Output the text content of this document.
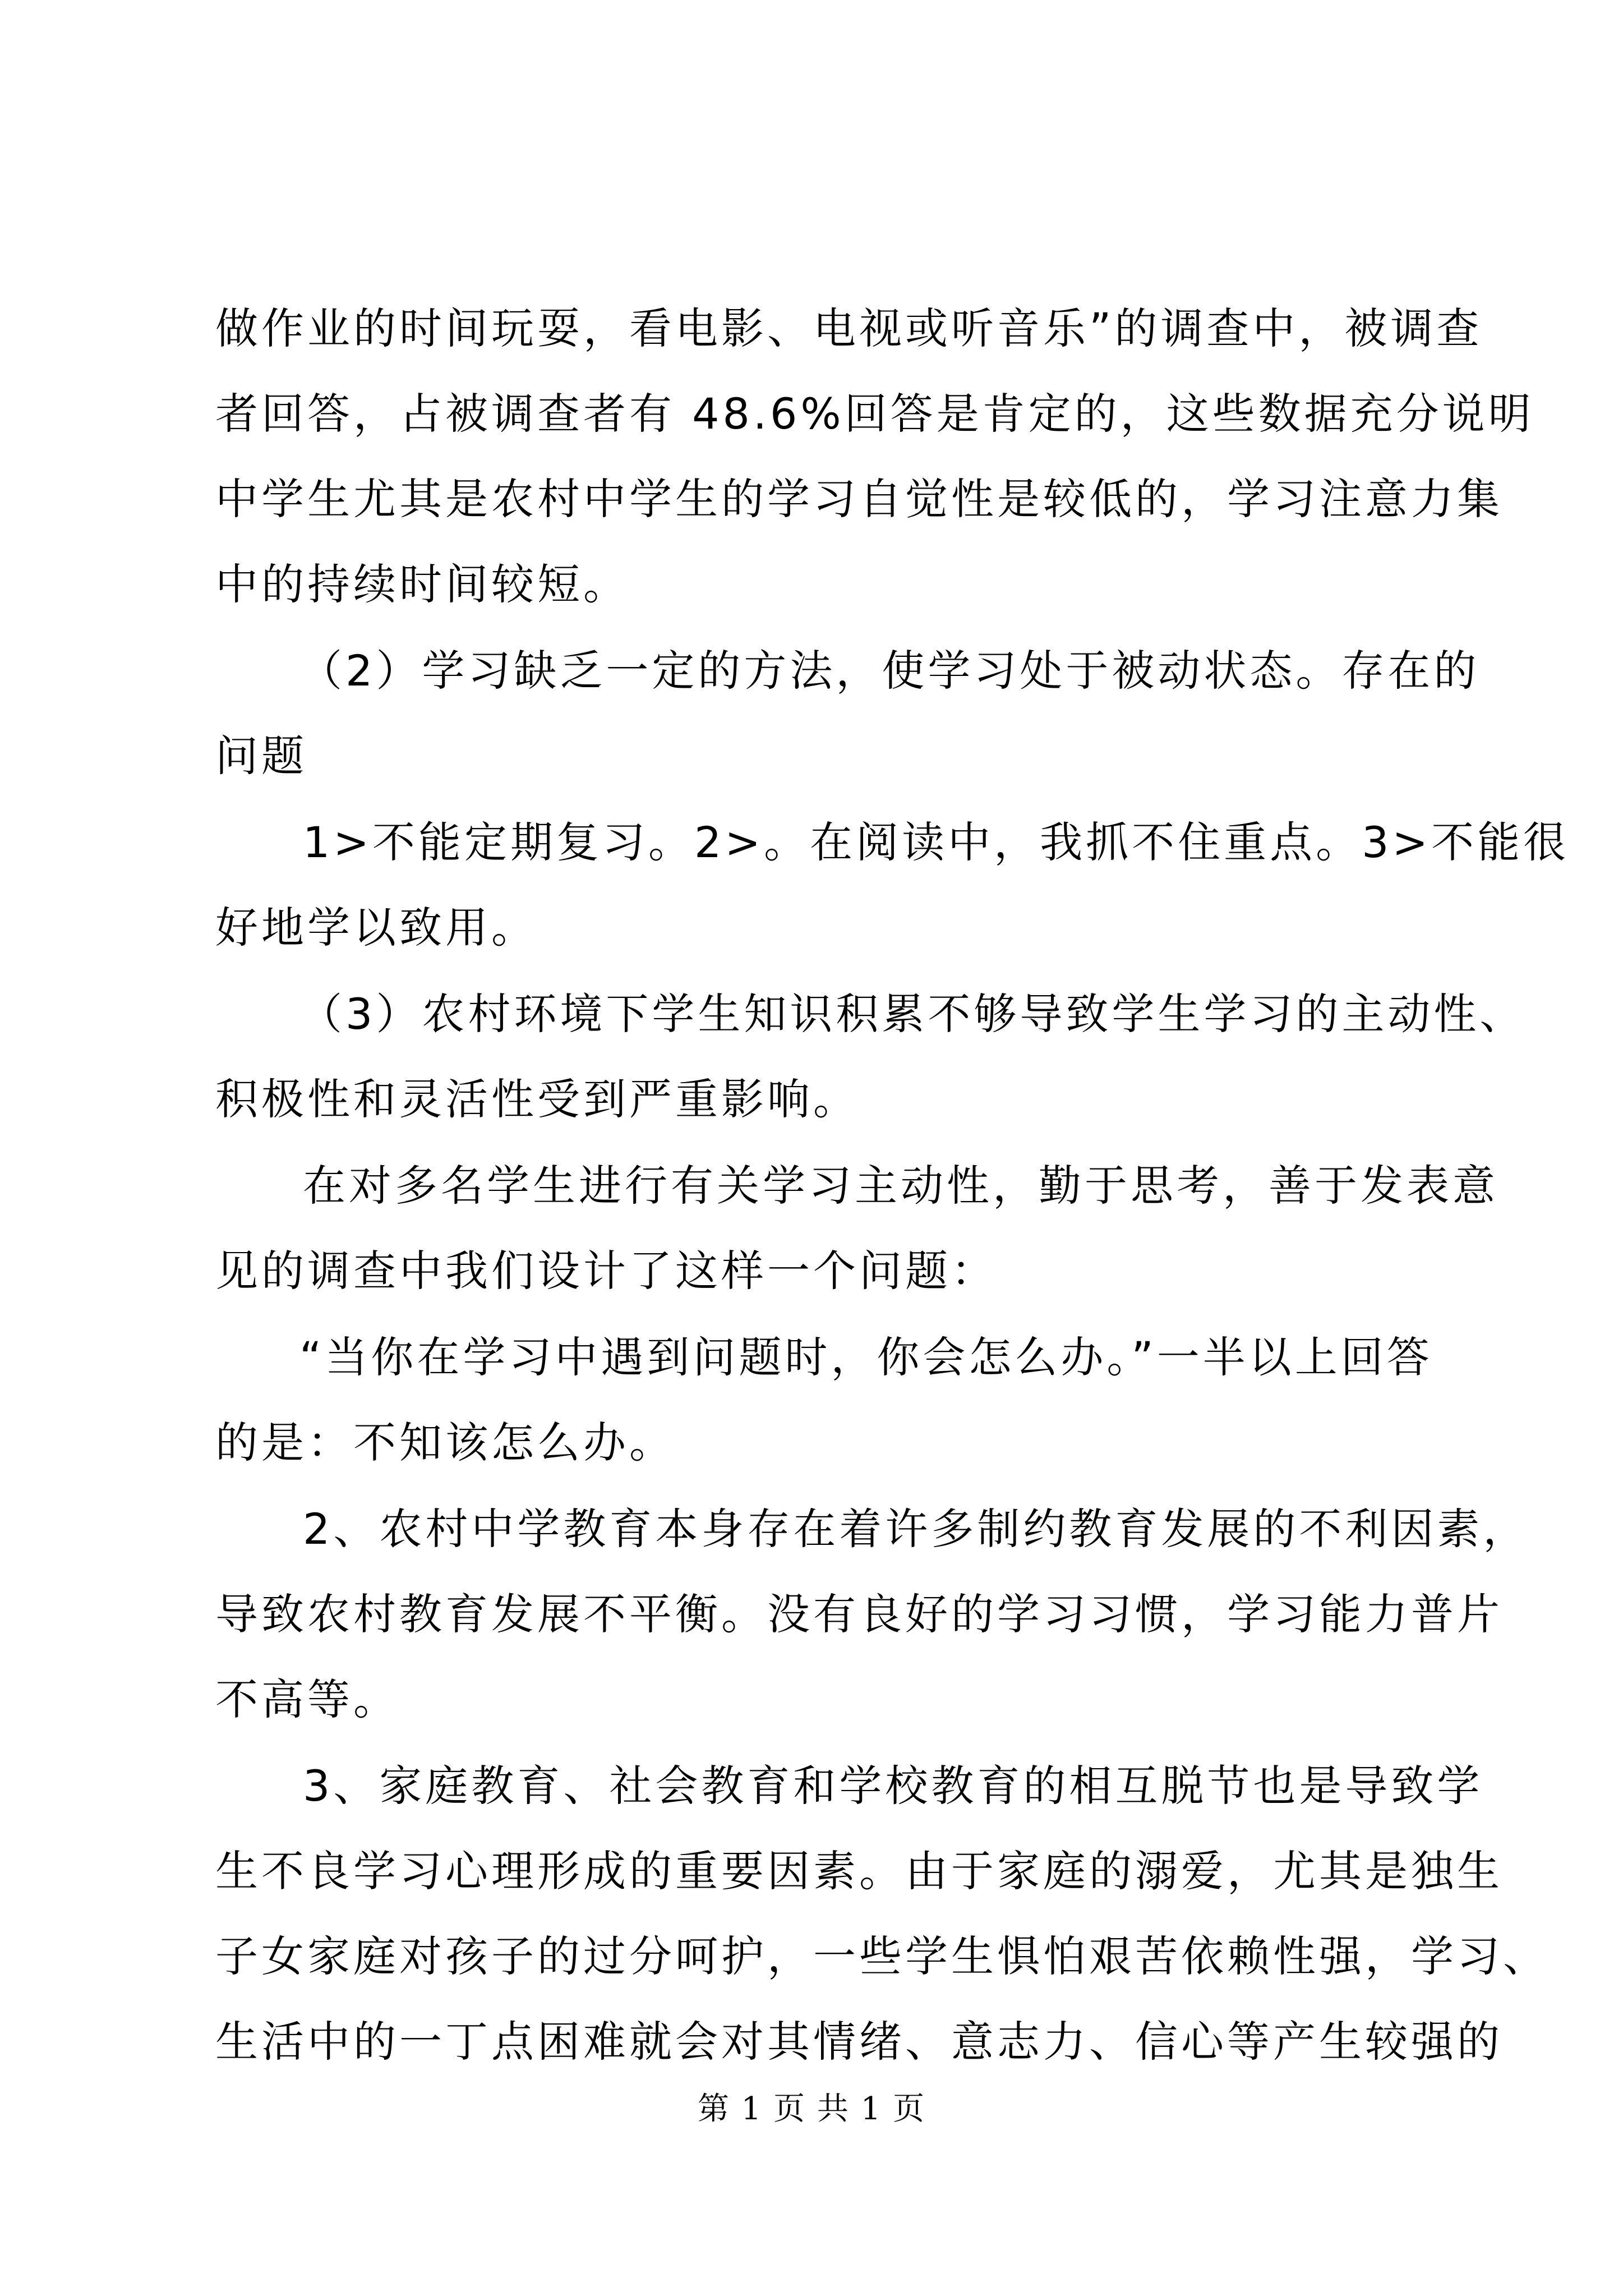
做作业的时间玩耍，看电影、电视或听音乐”的调查中，被调查
者回答，占被调查者有 48.6%回答是肯定的，这些数据充分说明
中学生尤其是农村中学生的学习自觉性是较低的，学习注意力集
中的持续时间较短。
（2）学习缺乏一定的方法，使学习处于被动状态。存在的
问题
1>不能定期复习。2>。在阅读中，我抓不住重点。3>不能很
好地学以致用。
（3）农村环境下学生知识积累不够导致学生学习的主动性、
积极性和灵活性受到严重影响。
在对多名学生进行有关学习主动性，勤于思考，善于发表意
见的调查中我们设计了这样一个问题：
“当你在学习中遇到问题时，你会怎么办。”一半以上回答
的是：不知该怎么办。
2、农村中学教育本身存在着许多制约教育发展的不利因素，
导致农村教育发展不平衡。没有良好的学习习惯，学习能力普片
不高等。
3、家庭教育、社会教育和学校教育的相互脱节也是导致学
生不良学习心理形成的重要因素。由于家庭的溺爱，尤其是独生
子女家庭对孩子的过分呵护，一些学生惧怕艰苦依赖性强，学习、
生活中的一丁点困难就会对其情绪、意志力、信心等产生较强的
第 1 页 共 1 页
